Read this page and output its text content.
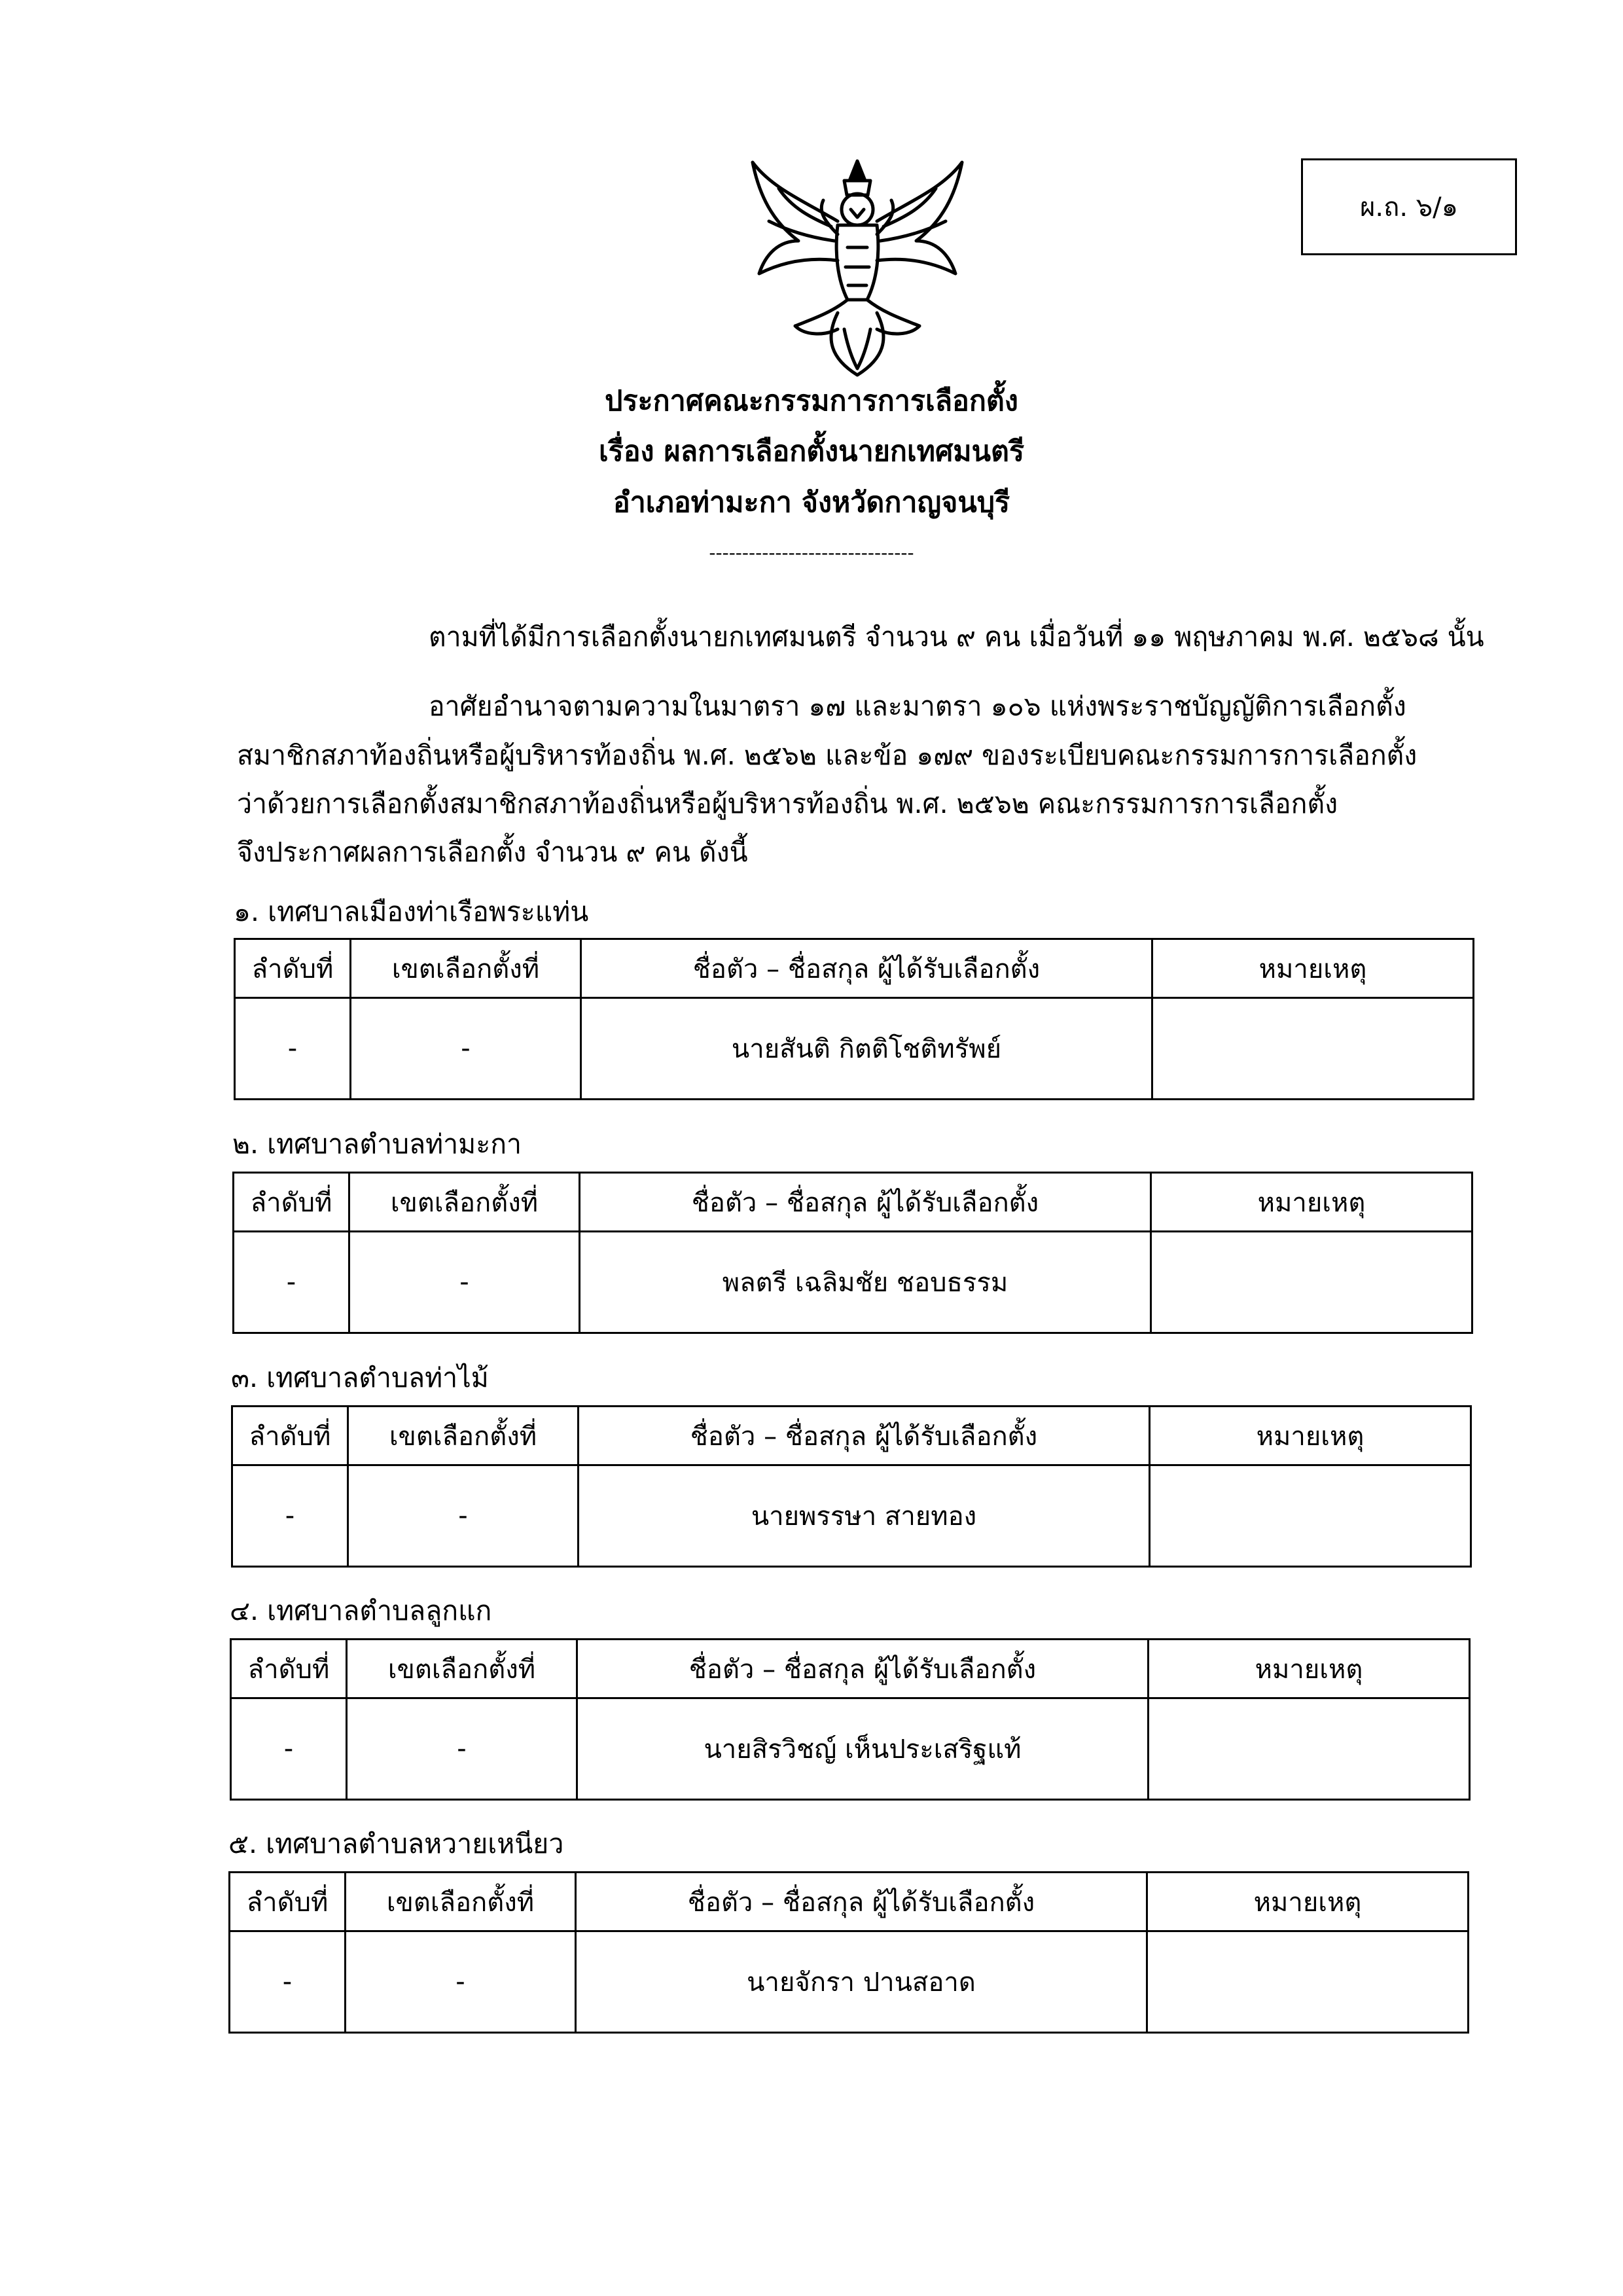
ผ.ถ. ๖/๑
ประกาศคณะกรรมการการเลือกตั้ง
เรื่อง ผลการเลือกตั้งนายกเทศมนตรี
อำเภอท่ามะกา จังหวัดกาญจนบุรี
-------------------------------
ตามที่ได้มีการเลือกตั้งนายกเทศมนตรี จำนวน ๙ คน เมื่อวันที่ ๑๑ พฤษภาคม พ.ศ. ๒๕๖๘ นั้น
อาศัยอำนาจตามความในมาตรา ๑๗ และมาตรา ๑๐๖ แห่งพระราชบัญญัติการเลือกตั้ง
สมาชิกสภาท้องถิ่นหรือผู้บริหารท้องถิ่น พ.ศ. ๒๕๖๒ และข้อ ๑๗๙ ของระเบียบคณะกรรมการการเลือกตั้ง
ว่าด้วยการเลือกตั้งสมาชิกสภาท้องถิ่นหรือผู้บริหารท้องถิ่น พ.ศ. ๒๕๖๒ คณะกรรมการการเลือกตั้ง
จึงประกาศผลการเลือกตั้ง จำนวน ๙ คน ดังนี้
๑. เทศบาลเมืองท่าเรือพระแท่น
ลำดับที่	เขตเลือกตั้งที่	ชื่อตัว – ชื่อสกุล ผู้ได้รับเลือกตั้ง	หมายเหตุ
-	-	นายสันติ กิตติโชติทรัพย์	
๒. เทศบาลตำบลท่ามะกา
ลำดับที่	เขตเลือกตั้งที่	ชื่อตัว – ชื่อสกุล ผู้ได้รับเลือกตั้ง	หมายเหตุ
-	-	พลตรี เฉลิมชัย ชอบธรรม	
๓. เทศบาลตำบลท่าไม้
ลำดับที่	เขตเลือกตั้งที่	ชื่อตัว – ชื่อสกุล ผู้ได้รับเลือกตั้ง	หมายเหตุ
-	-	นายพรรษา สายทอง	
๔. เทศบาลตำบลลูกแก
ลำดับที่	เขตเลือกตั้งที่	ชื่อตัว – ชื่อสกุล ผู้ได้รับเลือกตั้ง	หมายเหตุ
-	-	นายสิรวิชญ์ เห็นประเสริฐแท้	
๕. เทศบาลตำบลหวายเหนียว
ลำดับที่	เขตเลือกตั้งที่	ชื่อตัว – ชื่อสกุล ผู้ได้รับเลือกตั้ง	หมายเหตุ
-	-	นายจักรา ปานสอาด	
